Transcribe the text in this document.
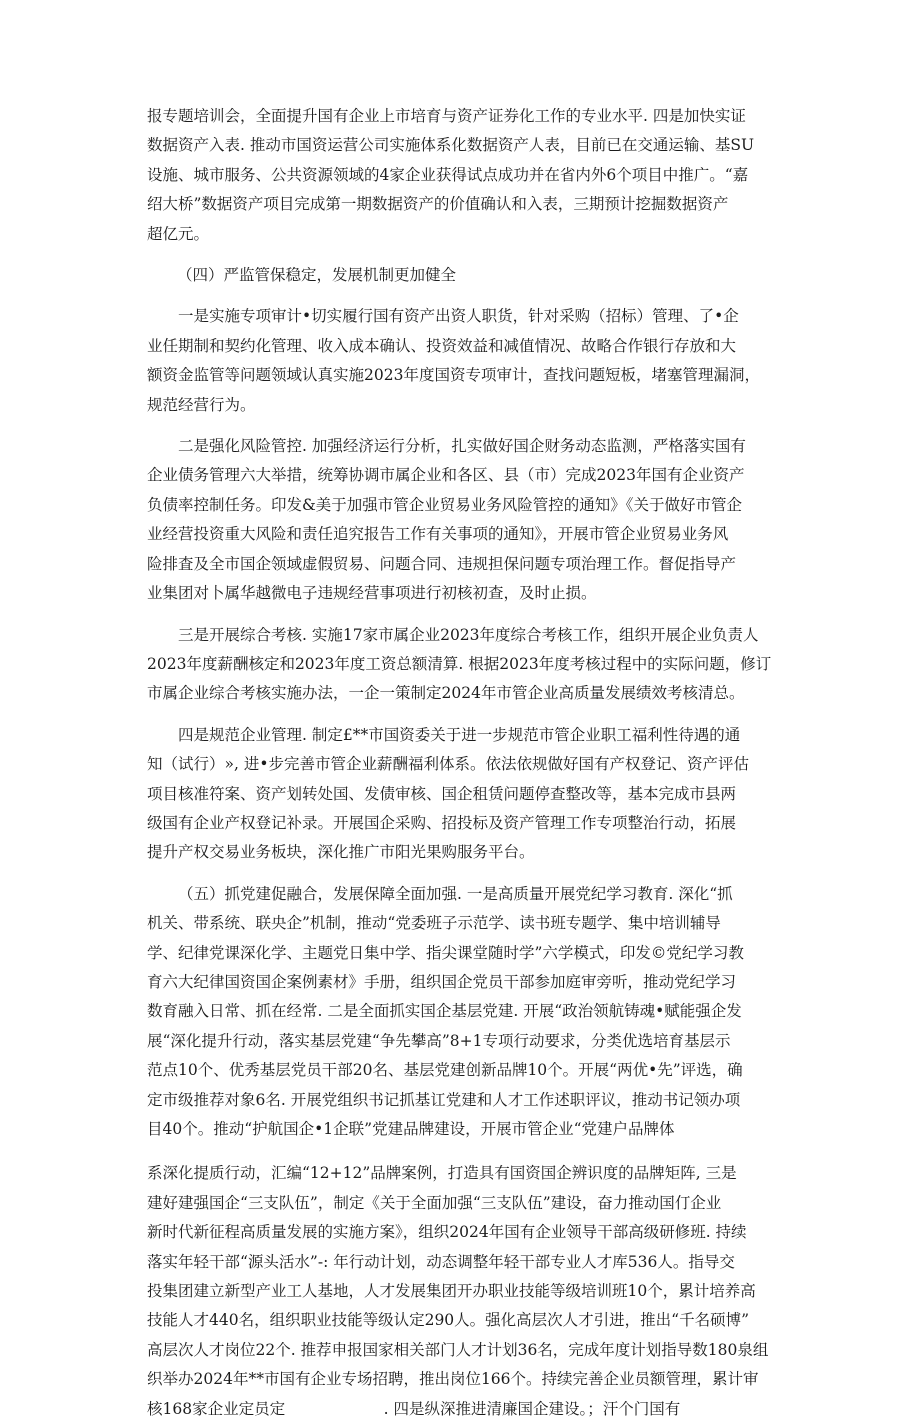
报专题培训会，全面提升国有企业上市培育与资产证券化工作的专业水平. 四是加快实证
数据资产入表. 推动市国资运营公司实施体系化数据资产人表，目前已在交通运输、基SU
设施、城市服务、公共资源领域的4家企业获得试点成功并在省内外6个项目中推广。“嘉
绍大桥”数据资产项目完成第一期数据资产的价值确认和入表，三期预计挖掘数据资产
超亿元。
（四）严监管保稳定，发展机制更加健全
一是实施专项审计•切实履行国有资产出资人职货，针对采购（招标）管理、了•企
业任期制和契约化管理、收入成本确认、投资效益和减值情况、故略合作银行存放和大
额资金监管等问题领域认真实施2023年度国资专项审计，查找问题短板，堵塞管理漏洞，
规范经营行为。
二是强化风险管控. 加强经济运行分析，扎实做好国企财务动态监测，严格落实国有
企业债务管理六大举措，统筹协调市属企业和各区、县（市）完成2023年国有企业资产
负债率控制任务。印发&美于加强市管企业贸易业务风险管控的通知》《关于做好市管企
业经营投资重大风险和责任追究报告工作有关事项的通知》，开展市管企业贸易业务风
险排査及全市国企领域虚假贸易、问题合同、违规担保问题专项治理工作。督促指导产
业集团对卜属华越微电子违规经营事项进行初核初查，及时止损。
三是开展综合考核. 实施17家市属企业2023年度综合考核工作，组织开展企业负责人
2023年度薪酬核定和2023年度工资总额清算. 根据2023年度考核过程中的实际问题，修订
市属企业综合考核实施办法，一企一策制定2024年市管企业高质量发展绩效考核清总。
四是规范企业管理. 制定£**市国资委关于进一步规范市管企业职工福利性待遇的通
知（试行）», 进•步完善市管企业薪酬福利体系。依法依规做好国有产权登记、资产评估
项目核准符案、资产划转处国、发债审核、国企租赁问题停查整改等，基本完成市县两
级国有企业产权登记补录。开展国企采购、招投标及资产管理工作专项整治行动，拓展
提升产权交易业务板块，深化推广市阳光果购服务平台。
（五）抓党建促融合，发展保障全面加强. 一是高质量开展党纪学习教育. 深化“抓
机关、带系统、联央企”机制，推动“党委班子示范学、读书班专题学、集中培训辅导
学、纪律党课深化学、主题党日集中学、指尖课堂随时学”六学模式，印发©党纪学习教
育六大纪律国资国企案例素材》手册，组织国企党员干部参加庭审旁听，推动党纪学习
数育融入日常、抓在经常. 二是全面抓实国企基层党建. 开展“政治领航铸魂•赋能强企发
展“深化提升行动，落实基层党建“争先攀高”8+1专项行动要求，分类优选培育基层示
范点10个、优秀基层党员干部20名、基层党建创新品牌10个。开展“两优•先”评选，确
定市级推荐对象6名. 开展党组织书记抓基讧党建和人才工作述职评议，推动书记领办项
目40个。推动“护航国企•1企联”党建品牌建设，开展市管企业“党建户品牌体
系深化提质行动，汇编“12+12”品牌案例，打造具有国资国企辨识度的品牌矩阵, 三是
建好建强国企“三支队伍”，制定《关于全面加强“三支队伍”建设，奋力推动国仃企业
新时代新征程高质量发展的实施方案》，组织2024年国有企业领导干部高级研修班. 持续
落实年轻干部“源头活水”-: 年行动计划，动态调整年轻干部专业人才库536人。指导交
投集团建立新型产业工人基地，人才发展集团开办职业技能等级培训班10个，累计培养高
技能人才440名，组织职业技能等级认定290人。强化高层次人才引进，推出“千名硕博”
高层次人才岗位22个. 推荐申报国家相关部门人才计划36名，完成年度计划指导数180泉组
织举办2024年**市国有企业专场招聘，推出岗位166个。持续完善企业员额管理，累计审
核168家企业定员定                    . 四是纵深推进清廉国企建设。；汗个门国有
